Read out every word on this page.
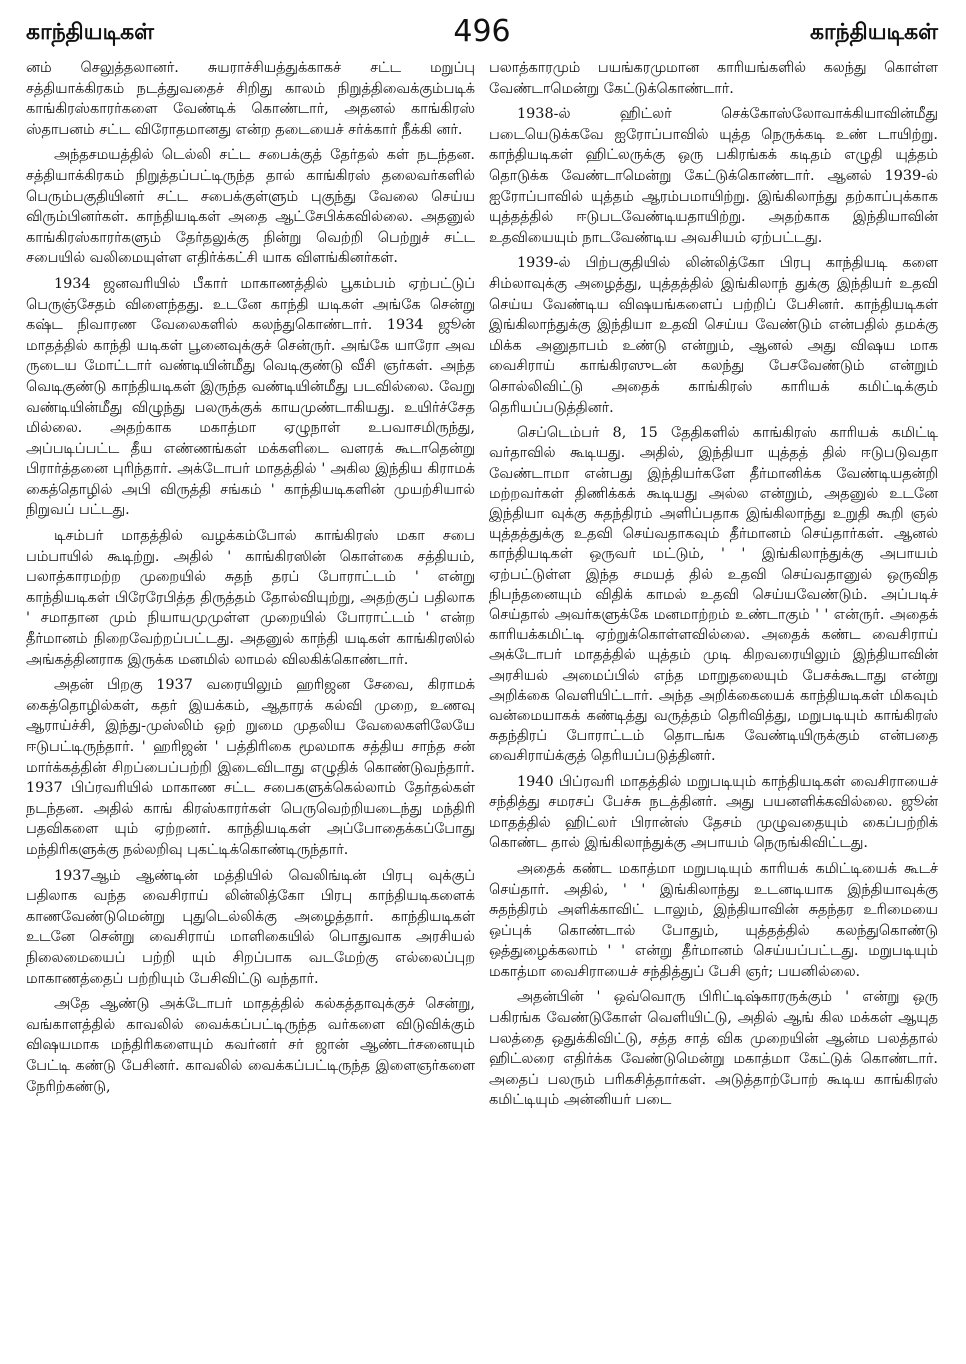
காந்தியடிகள்	496	காந்தியடிகள்

னம் செலுத்தலானர். சுயராச்சியத்துக்காகச் சட்ட மறுப்பு சத்தியாக்கிரகம் நடத்துவதைச் சிறிது காலம் நிறுத்திவைக்கும்படிக் காங்கிரஸ்காரர்களை வேண்டிக் கொண்டார், அதனல் காங்கிரஸ் ஸ்தாபனம் சட்ட விரோதமானது என்ற தடையைச் சர்க்கார் நீக்கி னர்.

அந்தசமயத்தில் டெல்லி சட்ட சபைக்குத் தேர்தல் கள் நடந்தன. சத்தியாக்கிரகம் நிறுத்தப்பட்டிருந்த தால் காங்கிரஸ் தலைவர்களில் பெரும்பகுதியினர் சட்ட சபைக்குள்ளும் புகுந்து வேலை செய்ய விரும்பினர்கள். காந்தியடிகள் அதை ஆட்சேபிக்கவில்லை. அதனுல் காங்கிரஸ்காரர்களும் தேர்தலுக்கு நின்று வெற்றி பெற்றுச் சட்ட சபையில் வலிமையுள்ள எதிர்க்கட்சி யாக விளங்கினர்கள்.

1934 ஜனவரியில் பீகார் மாகாணத்தில் பூகம்பம் ஏற்பட்டுப் பெருஞ்சேதம் விளைந்தது. உடனே காந்தி யடிகள் அங்கே சென்று கஷ்ட நிவாரண வேலைகளில் கலந்துகொண்டார். 1934 ஜூன் மாதத்தில் காந்தி யடிகள் பூனைவுக்குச் சென்ருர். அங்கே யாரோ அவ ருடைய மோட்டார் வண்டியின்மீது வெடிகுண்டு வீசி ஞர்கள். அந்த வெடிகுண்டு காந்தியடிகள் இருந்த வண்டியின்மீது படவில்லை. வேறு வண்டியின்மீது விழுந்து பலருக்குக் காயமுண்டாகியது. உயிர்ச்சேத மில்லை. அதற்காக மகாத்மா ஏழுநாள் உபவாசமிருந்து, அப்படிப்பட்ட தீய எண்ணங்கள் மக்களிடை வளரக் கூடாதென்று பிரார்த்தனை புரிந்தார். அக்டோபர் மாதத்தில் ' அகில இந்திய கிராமக் கைத்தொழில் அபி விருத்தி சங்கம் ' காந்தியடிகளின் முயற்சியால் நிறுவப் பட்டது.

டிசம்பர் மாதத்தில் வழக்கம்போல் காங்கிரஸ் மகா சபை பம்பாயில் கூடிற்று. அதில் ' காங்கிரஸின் கொள்கை சத்தியம், பலாத்காரமற்ற முறையில் சுதந் தரப் போராட்டம் ' என்று காந்தியடிகள் பிரேரேபித்த திருத்தம் தோல்வியுற்று, அதற்குப் பதிலாக ' சமாதான மும் நியாயமுமுள்ள முறையில் போராட்டம் ' என்ற தீர்மானம் நிறைவேற்றப்பட்டது. அதனுல் காந்தி யடிகள் காங்கிரஸில் அங்கத்தினராக இருக்க மனமில் லாமல் விலகிக்கொண்டார்.

அதன் பிறகு 1937 வரையிலும் ஹரிஜன சேவை, கிராமக் கைத்தொழில்கள், கதர் இயக்கம், ஆதாரக் கல்வி முறை, உணவு ஆராய்ச்சி, இந்து-முஸ்லிம் ஒற் றுமை முதலிய வேலைகளிலேயே ஈடுபட்டிருந்தார். ' ஹரிஜன் ' பத்திரிகை மூலமாக சத்திய சாந்த சன் மார்க்கத்தின் சிறப்பைப்பற்றி இடைவிடாது எழுதிக் கொண்டுவந்தார். 1937 பிப்ரவரியில் மாகாண சட்ட சபைகளுக்கெல்லாம் தேர்தல்கள் நடந்தன. அதில் காங் கிரஸ்காரர்கள் பெருவெற்றியடைந்து மந்திரி பதவிகளை யும் ஏற்றனர். காந்தியடிகள் அப்போதைக்கப்போது மந்திரிகளுக்கு நல்லறிவு புகட்டிக்கொண்டிருந்தார்.

1937ஆம் ஆண்டின் மத்தியில் வெலிங்டின் பிரபு வுக்குப் பதிலாக வந்த வைசிராய் லின்லித்கோ பிரபு காந்தியடிகளைக் காணவேண்டுமென்று புதுடெல்லிக்கு அழைத்தார். காந்தியடிகள் உடனே சென்று வைசிராய் மாளிகையில் பொதுவாக அரசியல் நிலைமையைப் பற்றி யும் சிறப்பாக வடமேற்கு எல்லைப்புற மாகாணத்தைப் பற்றியும் பேசிவிட்டு வந்தார்.

அதே ஆண்டு அக்டோபர் மாதத்தில் கல்கத்தாவுக்குச் சென்று, வங்காளத்தில் காவலில் வைக்கப்பட்டிருந்த வர்களை விடுவிக்கும் விஷயமாக மந்திரிகளையும் கவர்னர் சர் ஜான் ஆண்டர்சனையும் பேட்டி கண்டு பேசினர். காவலில் வைக்கப்பட்டிருந்த இளைஞர்களை நேரிற்கண்டு,

பலாத்காரமும் பயங்கரமுமான காரியங்களில் கலந்து கொள்ள வேண்டாமென்று கேட்டுக்கொண்டார்.

1938-ல் ஹிட்லர் செக்கோஸ்லோவாக்கியாவின்மீது படையெடுக்கவே ஐரோப்பாவில் யுத்த நெருக்கடி உண் டாயிற்று. காந்தியடிகள் ஹிட்லருக்கு ஒரு பகிரங்கக் கடிதம் எழுதி யுத்தம் தொடுக்க வேண்டாமென்று கேட்டுக்கொண்டார். ஆனல் 1939-ல் ஐரோப்பாவில் யுத்தம் ஆரம்பமாயிற்று. இங்கிலாந்து தற்காப்புக்காக யுத்தத்தில் ஈடுபடவேண்டியதாயிற்று. அதற்காக இந்தியாவின் உதவியையும் நாடவேண்டிய அவசியம் ஏற்பட்டது.

1939-ல் பிற்பகுதியில் லின்லித்கோ பிரபு காந்தியடி களை சிம்லாவுக்கு அழைத்து, யுத்தத்தில் இங்கிலாந் துக்கு இந்தியர் உதவி செய்ய வேண்டிய விஷயங்களைப் பற்றிப் பேசினர். காந்தியடிகள் இங்கிலாந்துக்கு இந்தியா உதவி செய்ய வேண்டும் என்பதில் தமக்கு மிக்க அனுதாபம் உண்டு என்றும், ஆனல் அது விஷய மாக வைசிராய் காங்கிரஸுடன் கலந்து பேசவேண்டும் என்றும் சொல்லிவிட்டு அதைக் காங்கிரஸ் காரியக் கமிட்டிக்கும் தெரியப்படுத்தினர்.

செப்டெம்பர் 8, 15 தேதிகளில் காங்கிரஸ் காரியக் கமிட்டி வர்தாவில் கூடியது. அதில், இந்தியா யுத்தத் தில் ஈடுபடுவதா வேண்டாமா என்பது இந்தியர்களே தீர்மானிக்க வேண்டியதன்றி மற்றவர்கள் திணிக்கக் கூடியது அல்ல என்றும், அதனுல் உடனே இந்தியா வுக்கு சுதந்திரம் அளிப்பதாக இங்கிலாந்து உறுதி கூறி ஞல் யுத்தத்துக்கு உதவி செய்வதாகவும் தீர்மானம் செய்தார்கள். ஆனல் காந்தியடிகள் ஒருவர் மட்டும், ' ' இங்கிலாந்துக்கு அபாயம் ஏற்பட்டுள்ள இந்த சமயத் தில் உதவி செய்வதானுல் ஒருவித நிபந்தனையும் விதிக் காமல் உதவி செய்யவேண்டும். அப்படிச் செய்தால் அவர்களுக்கே மனமாற்றம் உண்டாகும் ' ' என்ருர். அதைக் காரியக்கமிட்டி ஏற்றுக்கொள்ளவில்லை. அதைக் கண்ட வைசிராய் அக்டோபர் மாதத்தில் யுத்தம் முடி கிறவரையிலும் இந்தியாவின் அரசியல் அமைப்பில் எந்த மாறுதலையும் பேசக்கூடாது என்று அறிக்கை வெளியிட்டார். அந்த அறிக்கையைக் காந்தியடிகள் மிகவும் வன்மையாகக் கண்டித்து வருத்தம் தெரிவித்து, மறுபடியும் காங்கிரஸ் சுதந்திரப் போராட்டம் தொடங்க வேண்டியிருக்கும் என்பதை வைசிராய்க்குத் தெரியப்படுத்தினர்.

1940 பிப்ரவரி மாதத்தில் மறுபடியும் காந்தியடிகள் வைசிராயைச் சந்தித்து சமரசப் பேச்சு நடத்தினர். அது பயனளிக்கவில்லை. ஜூன் மாதத்தில் ஹிட்லர் பிரான்ஸ் தேசம் முழுவதையும் கைப்பற்றிக் கொண்ட தால் இங்கிலாந்துக்கு அபாயம் நெருங்கிவிட்டது.

அதைக் கண்ட மகாத்மா மறுபடியும் காரியக் கமிட்டியைக் கூடச் செய்தார். அதில், ' ' இங்கிலாந்து உடனடியாக இந்தியாவுக்கு சுதந்திரம் அளிக்காவிட் டாலும், இந்தியாவின் சுதந்தர உரிமையை ஒப்புக் கொண்டால் போதும், யுத்தத்தில் கலந்துகொண்டு ஒத்துழைக்கலாம் ' ' என்று தீர்மானம் செய்யப்பட்டது. மறுபடியும் மகாத்மா வைசிராயைச் சந்தித்துப் பேசி ஞர்; பயனில்லை.

அதன்பின் ' ஒவ்வொரு பிரிட்டிஷ்காரருக்கும் ' என்று ஒரு பகிரங்க வேண்டுகோள் வெளியிட்டு, அதில் ஆங் கில மக்கள் ஆயுத பலத்தை ஒதுக்கிவிட்டு, சத்த சாத் விக முறையின் ஆன்ம பலத்தால் ஹிட்லரை எதிர்க்க வேண்டுமென்று மகாத்மா கேட்டுக் கொண்டார். அதைப் பலரும் பரிகசித்தார்கள். அடுத்தாற்போற் கூடிய காங்கிரஸ் கமிட்டியும் அன்னியர் படை
